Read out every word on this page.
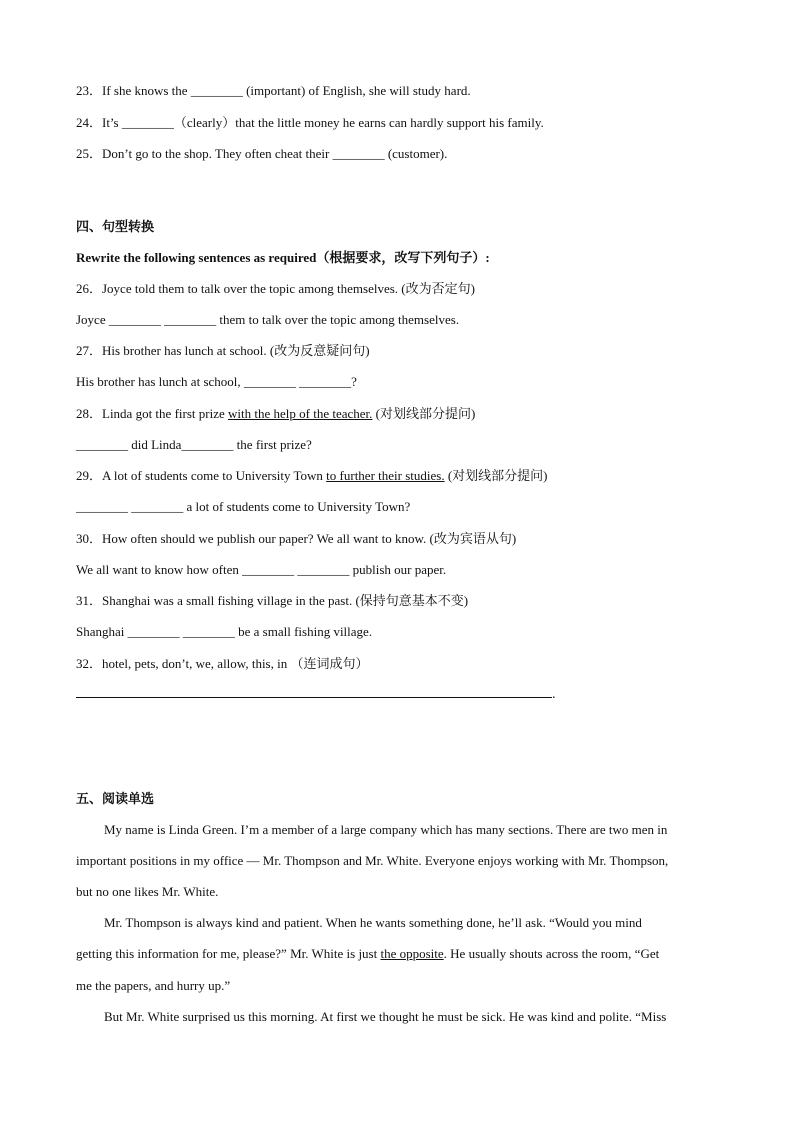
23．If she knows the ________ (important) of English, she will study hard.
24．It’s ________（clearly）that the little money he earns can hardly support his family.
25．Don’t go to the shop. They often cheat their ________ (customer).
四、句型转换
Rewrite the following sentences as required（根据要求，改写下列句子）:
26．Joyce told them to talk over the topic among themselves. (改为否定句)
Joyce ________ ________ them to talk over the topic among themselves.
27．His brother has lunch at school. (改为反意疑问句)
His brother has lunch at school, ________ ________?
28．Linda got the first prize with the help of the teacher. (对划线部分提问)
________ did Linda________ the first prize?
29．A lot of students come to University Town to further their studies. (对划线部分提问)
________ ________ a lot of students come to University Town?
30．How often should we publish our paper? We all want to know. (改为宾语从句)
We all want to know how often ________ ________ publish our paper.
31．Shanghai was a small fishing village in the past. (保持句意基本不变)
Shanghai ________ ________ be a small fishing village.
32．hotel, pets, don’t, we, allow, this, in （连词成句）
.
五、阅读单选
My name is Linda Green. I’m a member of a large company which has many sections. There are two men in
important positions in my office — Mr. Thompson and Mr. White. Everyone enjoys working with Mr. Thompson,
but no one likes Mr. White.
Mr. Thompson is always kind and patient. When he wants something done, he’ll ask. “Would you mind
getting this information for me, please?” Mr. White is just the opposite. He usually shouts across the room, “Get
me the papers, and hurry up.”
But Mr. White surprised us this morning. At first we thought he must be sick. He was kind and polite. “Miss
